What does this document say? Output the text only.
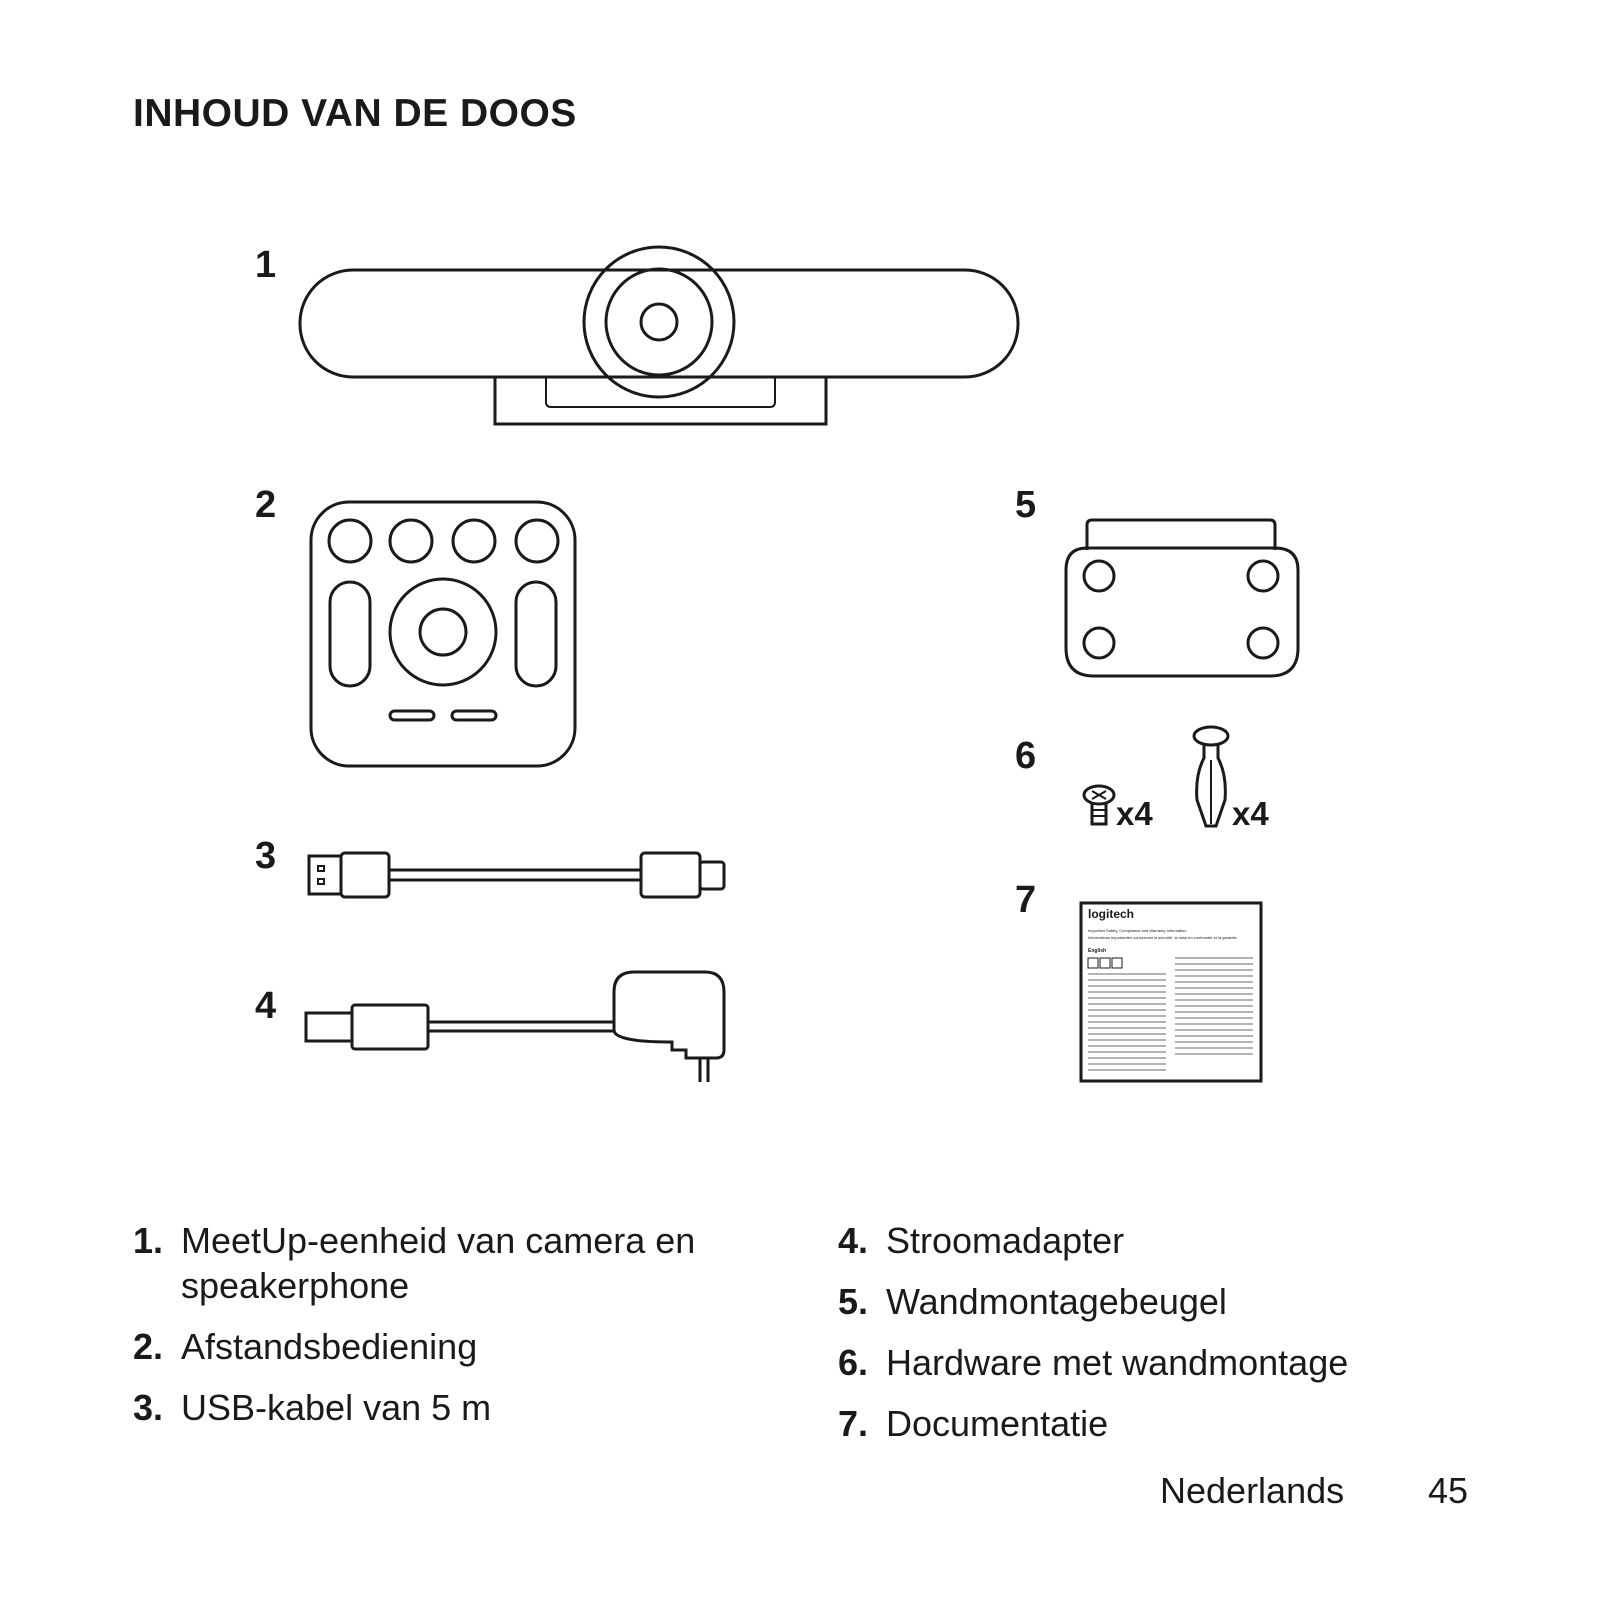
INHOUD VAN DE DOOS
1
2
3
4
5
6
7
x4 x4
logitech
Important Safety, Compliance and Warranty Information
Informations importantes concernant la sécurité, la mise en conformité et la garantie
English
1. MeetUp-eenheid van camera en speakerphone
2. Afstandsbediening
3. USB-kabel van 5 m
4. Stroomadapter
5. Wandmontagebeugel
6. Hardware met wandmontage
7. Documentatie
Nederlands 45
